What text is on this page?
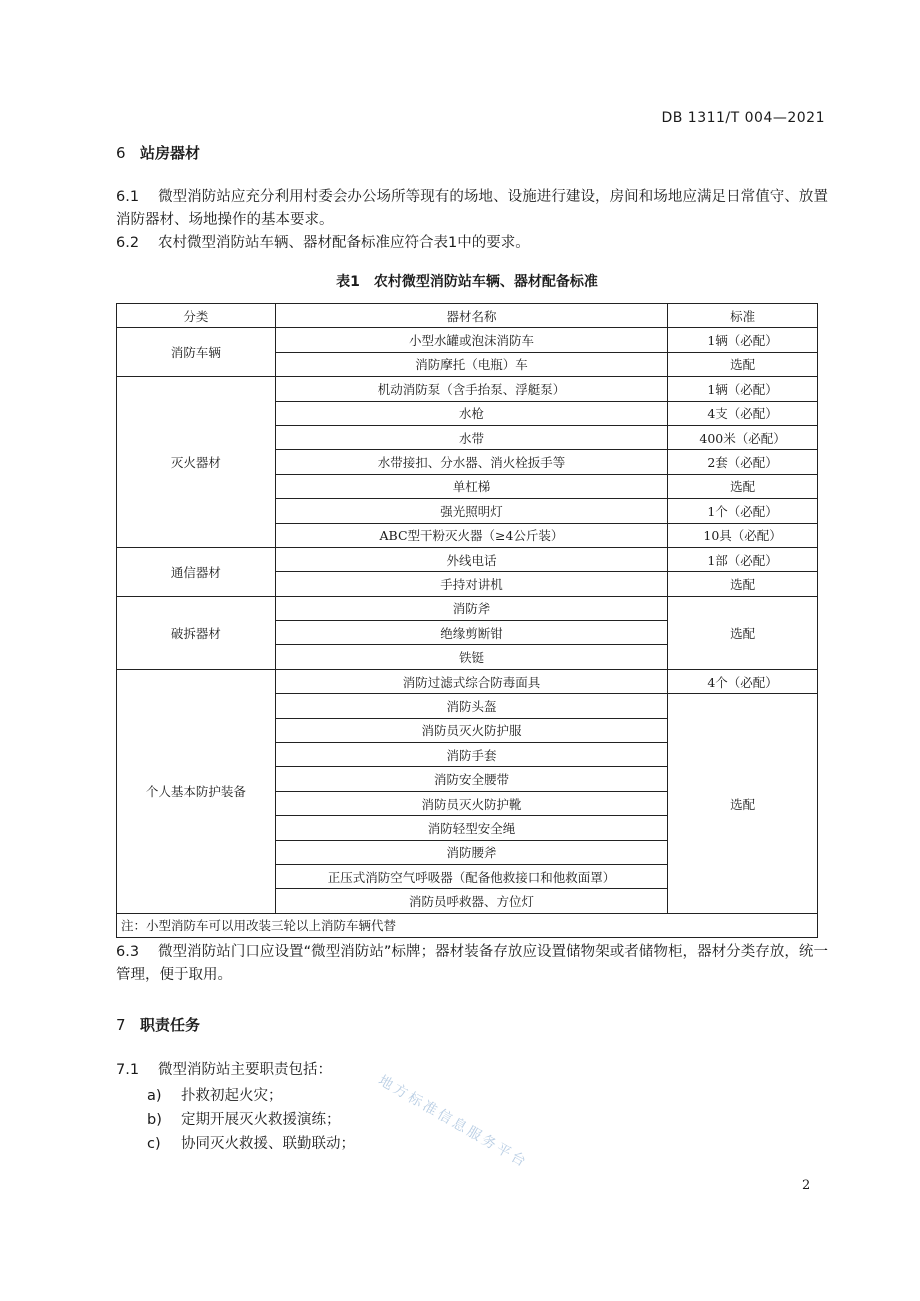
DB 1311/T 004—2021
6 站房器材
6.1 微型消防站应充分利用村委会办公场所等现有的场地、设施进行建设，房间和场地应满足日常值守、放置消防器材、场地操作的基本要求。
6.2 农村微型消防站车辆、器材配备标准应符合表1中的要求。
表1 农村微型消防站车辆、器材配备标准
分类	器材名称	标准
消防车辆	小型水罐或泡沫消防车	1辆（必配）
	消防摩托（电瓶）车	选配
灭火器材	机动消防泵（含手抬泵、浮艇泵）	1辆（必配）
	水枪	4支（必配）
	水带	400米（必配）
	水带接扣、分水器、消火栓扳手等	2套（必配）
	单杠梯	选配
	强光照明灯	1个（必配）
	ABC型干粉灭火器（≥4公斤装）	10具（必配）
通信器材	外线电话	1部（必配）
	手持对讲机	选配
破拆器材	消防斧	选配
	绝缘剪断钳	
	铁铤	
个人基本防护装备	消防过滤式综合防毒面具	4个（必配）
	消防头盔	选配
	消防员灭火防护服	
	消防手套	
	消防安全腰带	
	消防员灭火防护靴	
	消防轻型安全绳	
	消防腰斧	
	正压式消防空气呼吸器（配备他救接口和他救面罩）	
	消防员呼救器、方位灯	
注：小型消防车可以用改装三轮以上消防车辆代替		
6.3 微型消防站门口应设置“微型消防站”标牌；器材装备存放应设置储物架或者储物柜，器材分类存放，统一管理，便于取用。
7 职责任务
7.1 微型消防站主要职责包括：
a) 扑救初起火灾；
b) 定期开展灭火救援演练；
c) 协同灭火救援、联勤联动； 地方标准信息服务平台
2
